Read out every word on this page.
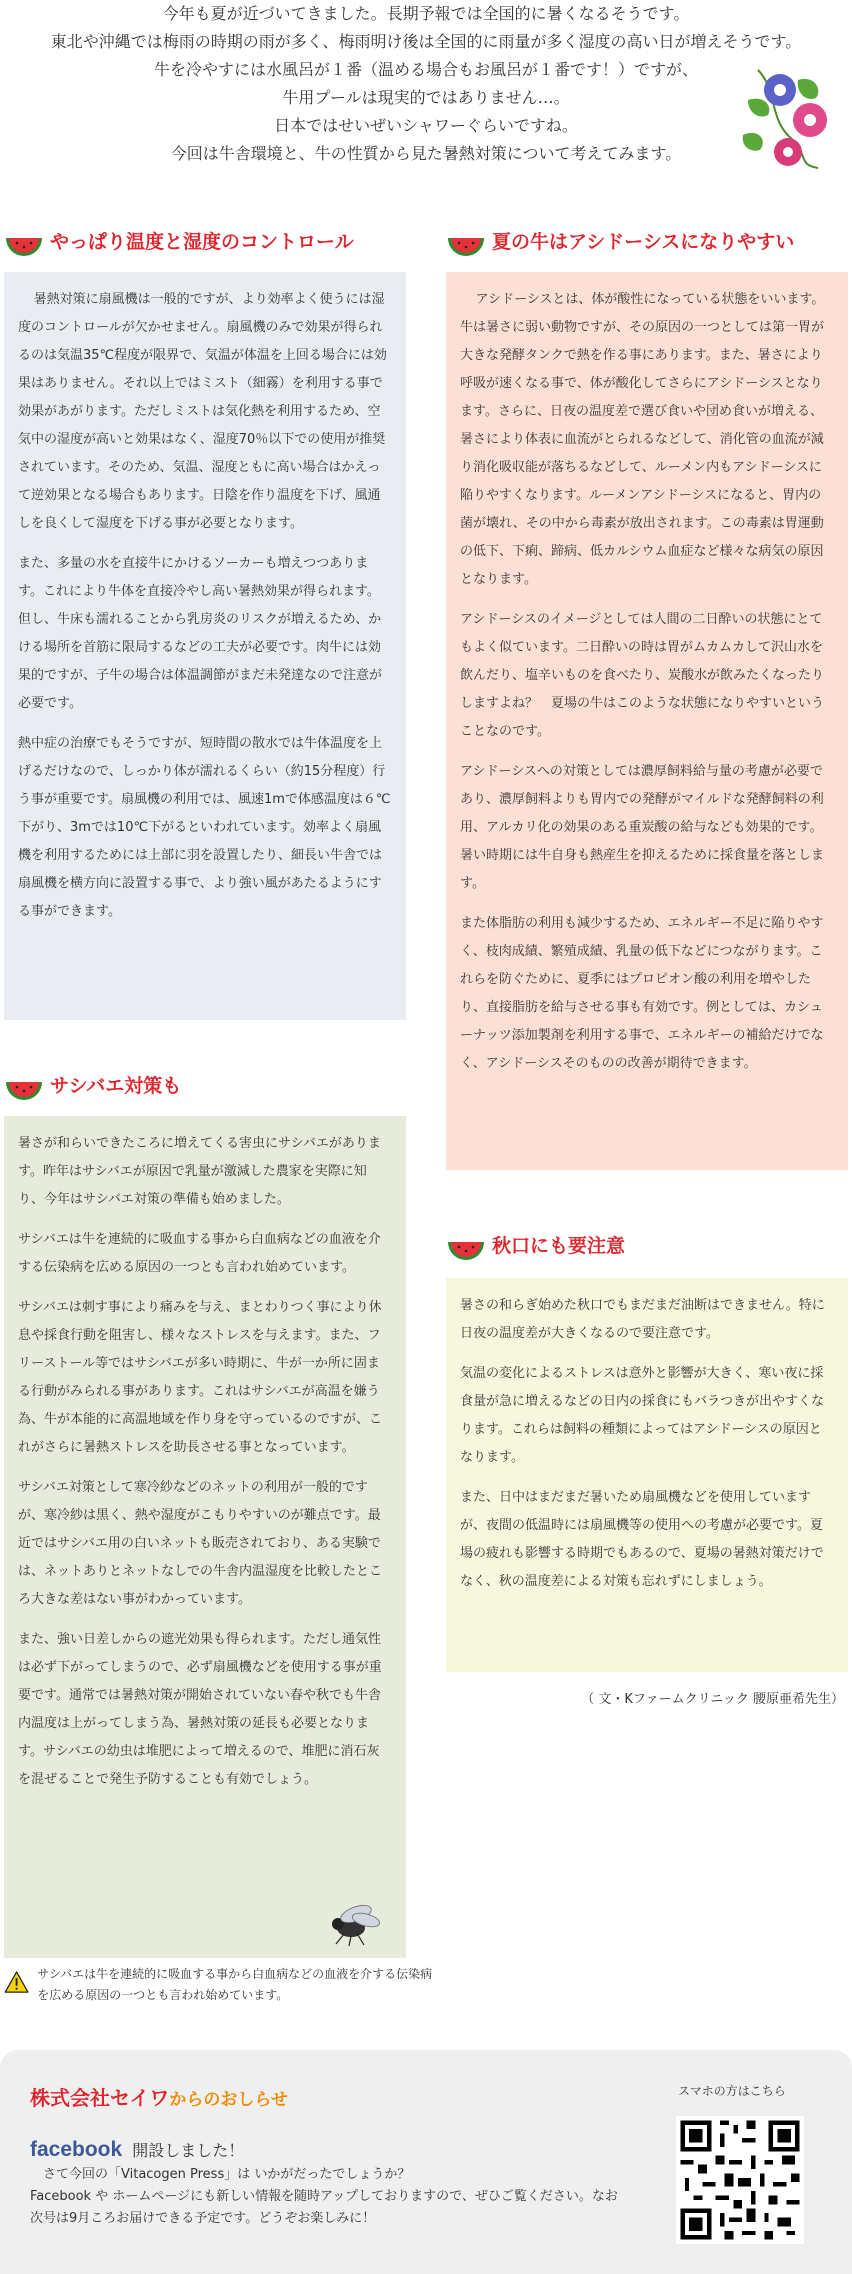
今年も夏が近づいてきました。長期予報では全国的に暑くなるそうです。

東北や沖縄では梅雨の時期の雨が多く、梅雨明け後は全国的に雨量が多く湿度の高い日が増えそうです。

牛を冷やすには水風呂が１番（温める場合もお風呂が１番です！）ですが、

牛用プールは現実的ではありません…。

日本ではせいぜいシャワーぐらいですね。

今回は牛舎環境と、牛の性質から見た暑熱対策について考えてみます。

やっぱり温度と湿度のコントロール

暑熱対策に扇風機は一般的ですが、より効率よく使うには湿度のコントロールが欠かせません。扇風機のみで効果が得られるのは気温35℃程度が限界で、気温が体温を上回る場合には効果はありません。それ以上ではミスト（細霧）を利用する事で効果があがります。ただしミストは気化熱を利用するため、空気中の湿度が高いと効果はなく、湿度70％以下での使用が推奨されています。そのため、気温、湿度ともに高い場合はかえって逆効果となる場合もあります。日陰を作り温度を下げ、風通しを良くして湿度を下げる事が必要となります。

また、多量の水を直接牛にかけるソーカーも増えつつあります。これにより牛体を直接冷やし高い暑熱効果が得られます。但し、牛床も濡れることから乳房炎のリスクが増えるため、かける場所を首筋に限局するなどの工夫が必要です。肉牛には効果的ですが、子牛の場合は体温調節がまだ未発達なので注意が必要です。

熱中症の治療でもそうですが、短時間の散水では牛体温度を上げるだけなので、しっかり体が濡れるくらい（約15分程度）行う事が重要です。扇風機の利用では、風速1mで体感温度は６℃下がり、3mでは10℃下がるといわれています。効率よく扇風機を利用するためには上部に羽を設置したり、細長い牛舎では扇風機を横方向に設置する事で、より強い風があたるようにする事ができます。

夏の牛はアシドーシスになりやすい

アシドーシスとは、体が酸性になっている状態をいいます。牛は暑さに弱い動物ですが、その原因の一つとしては第一胃が大きな発酵タンクで熱を作る事にあります。また、暑さにより呼吸が速くなる事で、体が酸化してさらにアシドーシスとなります。さらに、日夜の温度差で選び食いや団め食いが増える、暑さにより体表に血流がとられるなどして、消化管の血流が減り消化吸収能が落ちるなどして、ルーメン内もアシドーシスに陥りやすくなります。ルーメンアシドーシスになると、胃内の菌が壊れ、その中から毒素が放出されます。この毒素は胃運動の低下、下痢、蹄病、低カルシウム血症など様々な病気の原因となります。

アシドーシスのイメージとしては人間の二日酔いの状態にとてもよく似ています。二日酔いの時は胃がムカムカして沢山水を飲んだり、塩辛いものを食べたり、炭酸水が飲みたくなったりしますよね？　夏場の牛はこのような状態になりやすいということなのです。

アシドーシスへの対策としては濃厚飼料給与量の考慮が必要であり、濃厚飼料よりも胃内での発酵がマイルドな発酵飼料の利用、アルカリ化の効果のある重炭酸の給与なども効果的です。暑い時期には牛自身も熱産生を抑えるために採食量を落とします。

また体脂肪の利用も減少するため、エネルギー不足に陥りやすく、枝肉成績、繁殖成績、乳量の低下などにつながります。これらを防ぐために、夏季にはプロピオン酸の利用を増やしたり、直接脂肪を給与させる事も有効です。例としては、カシューナッツ添加製剤を利用する事で、エネルギーの補給だけでなく、アシドーシスそのものの改善が期待できます。

サシバエ対策も

暑さが和らいできたころに増えてくる害虫にサシバエがあります。昨年はサシバエが原因で乳量が激減した農家を実際に知り、今年はサシバエ対策の準備も始めました。

サシバエは牛を連続的に吸血する事から白血病などの血液を介する伝染病を広める原因の一つとも言われ始めています。

サシバエは刺す事により痛みを与え、まとわりつく事により休息や採食行動を阻害し、様々なストレスを与えます。また、フリーストール等ではサシバエが多い時期に、牛が一か所に固まる行動がみられる事があります。これはサシバエが高温を嫌う為、牛が本能的に高温地域を作り身を守っているのですが、これがさらに暑熱ストレスを助長させる事となっています。

サシバエ対策として寒冷紗などのネットの利用が一般的ですが、寒冷紗は黒く、熱や湿度がこもりやすいのが難点です。最近ではサシバエ用の白いネットも販売されており、ある実験では、ネットありとネットなしでの牛舎内温湿度を比較したところ大きな差はない事がわかっています。

また、強い日差しからの遮光効果も得られます。ただし通気性は必ず下がってしまうので、必ず扇風機などを使用する事が重要です。通常では暑熱対策が開始されていない春や秋でも牛舎内温度は上がってしまう為、暑熱対策の延長も必要となります。サシバエの幼虫は堆肥によって増えるので、堆肥に消石灰を混ぜることで発生予防することも有効でしょう。

秋口にも要注意

暑さの和らぎ始めた秋口でもまだまだ油断はできません。特に日夜の温度差が大きくなるので要注意です。

気温の変化によるストレスは意外と影響が大きく、寒い夜に採食量が急に増えるなどの日内の採食にもバラつきが出やすくなります。これらは飼料の種類によってはアシドーシスの原因となります。

また、日中はまだまだ暑いため扇風機などを使用していますが、夜間の低温時には扇風機等の使用への考慮が必要です。夏場の疲れも影響する時期でもあるので、夏場の暑熱対策だけでなく、秋の温度差による対策も忘れずにしましょう。

（ 文・Kファームクリニック 腰原亜希先生）
サシバエは牛を連続的に吸血する事から白血病などの血液を介する伝染病を広める原因の一つとも言われ始めています。
株式会社セイワからのおしらせ
facebook 開設しました！

　さて今回の「Vitacogen Press」は いかがだったでしょうか？

Facebook や ホームページにも新しい情報を随時アップしておりますので、ぜひご覧ください。なお次号は9月ころお届けできる予定です。どうぞお楽しみに！

スマホの方はこちら
